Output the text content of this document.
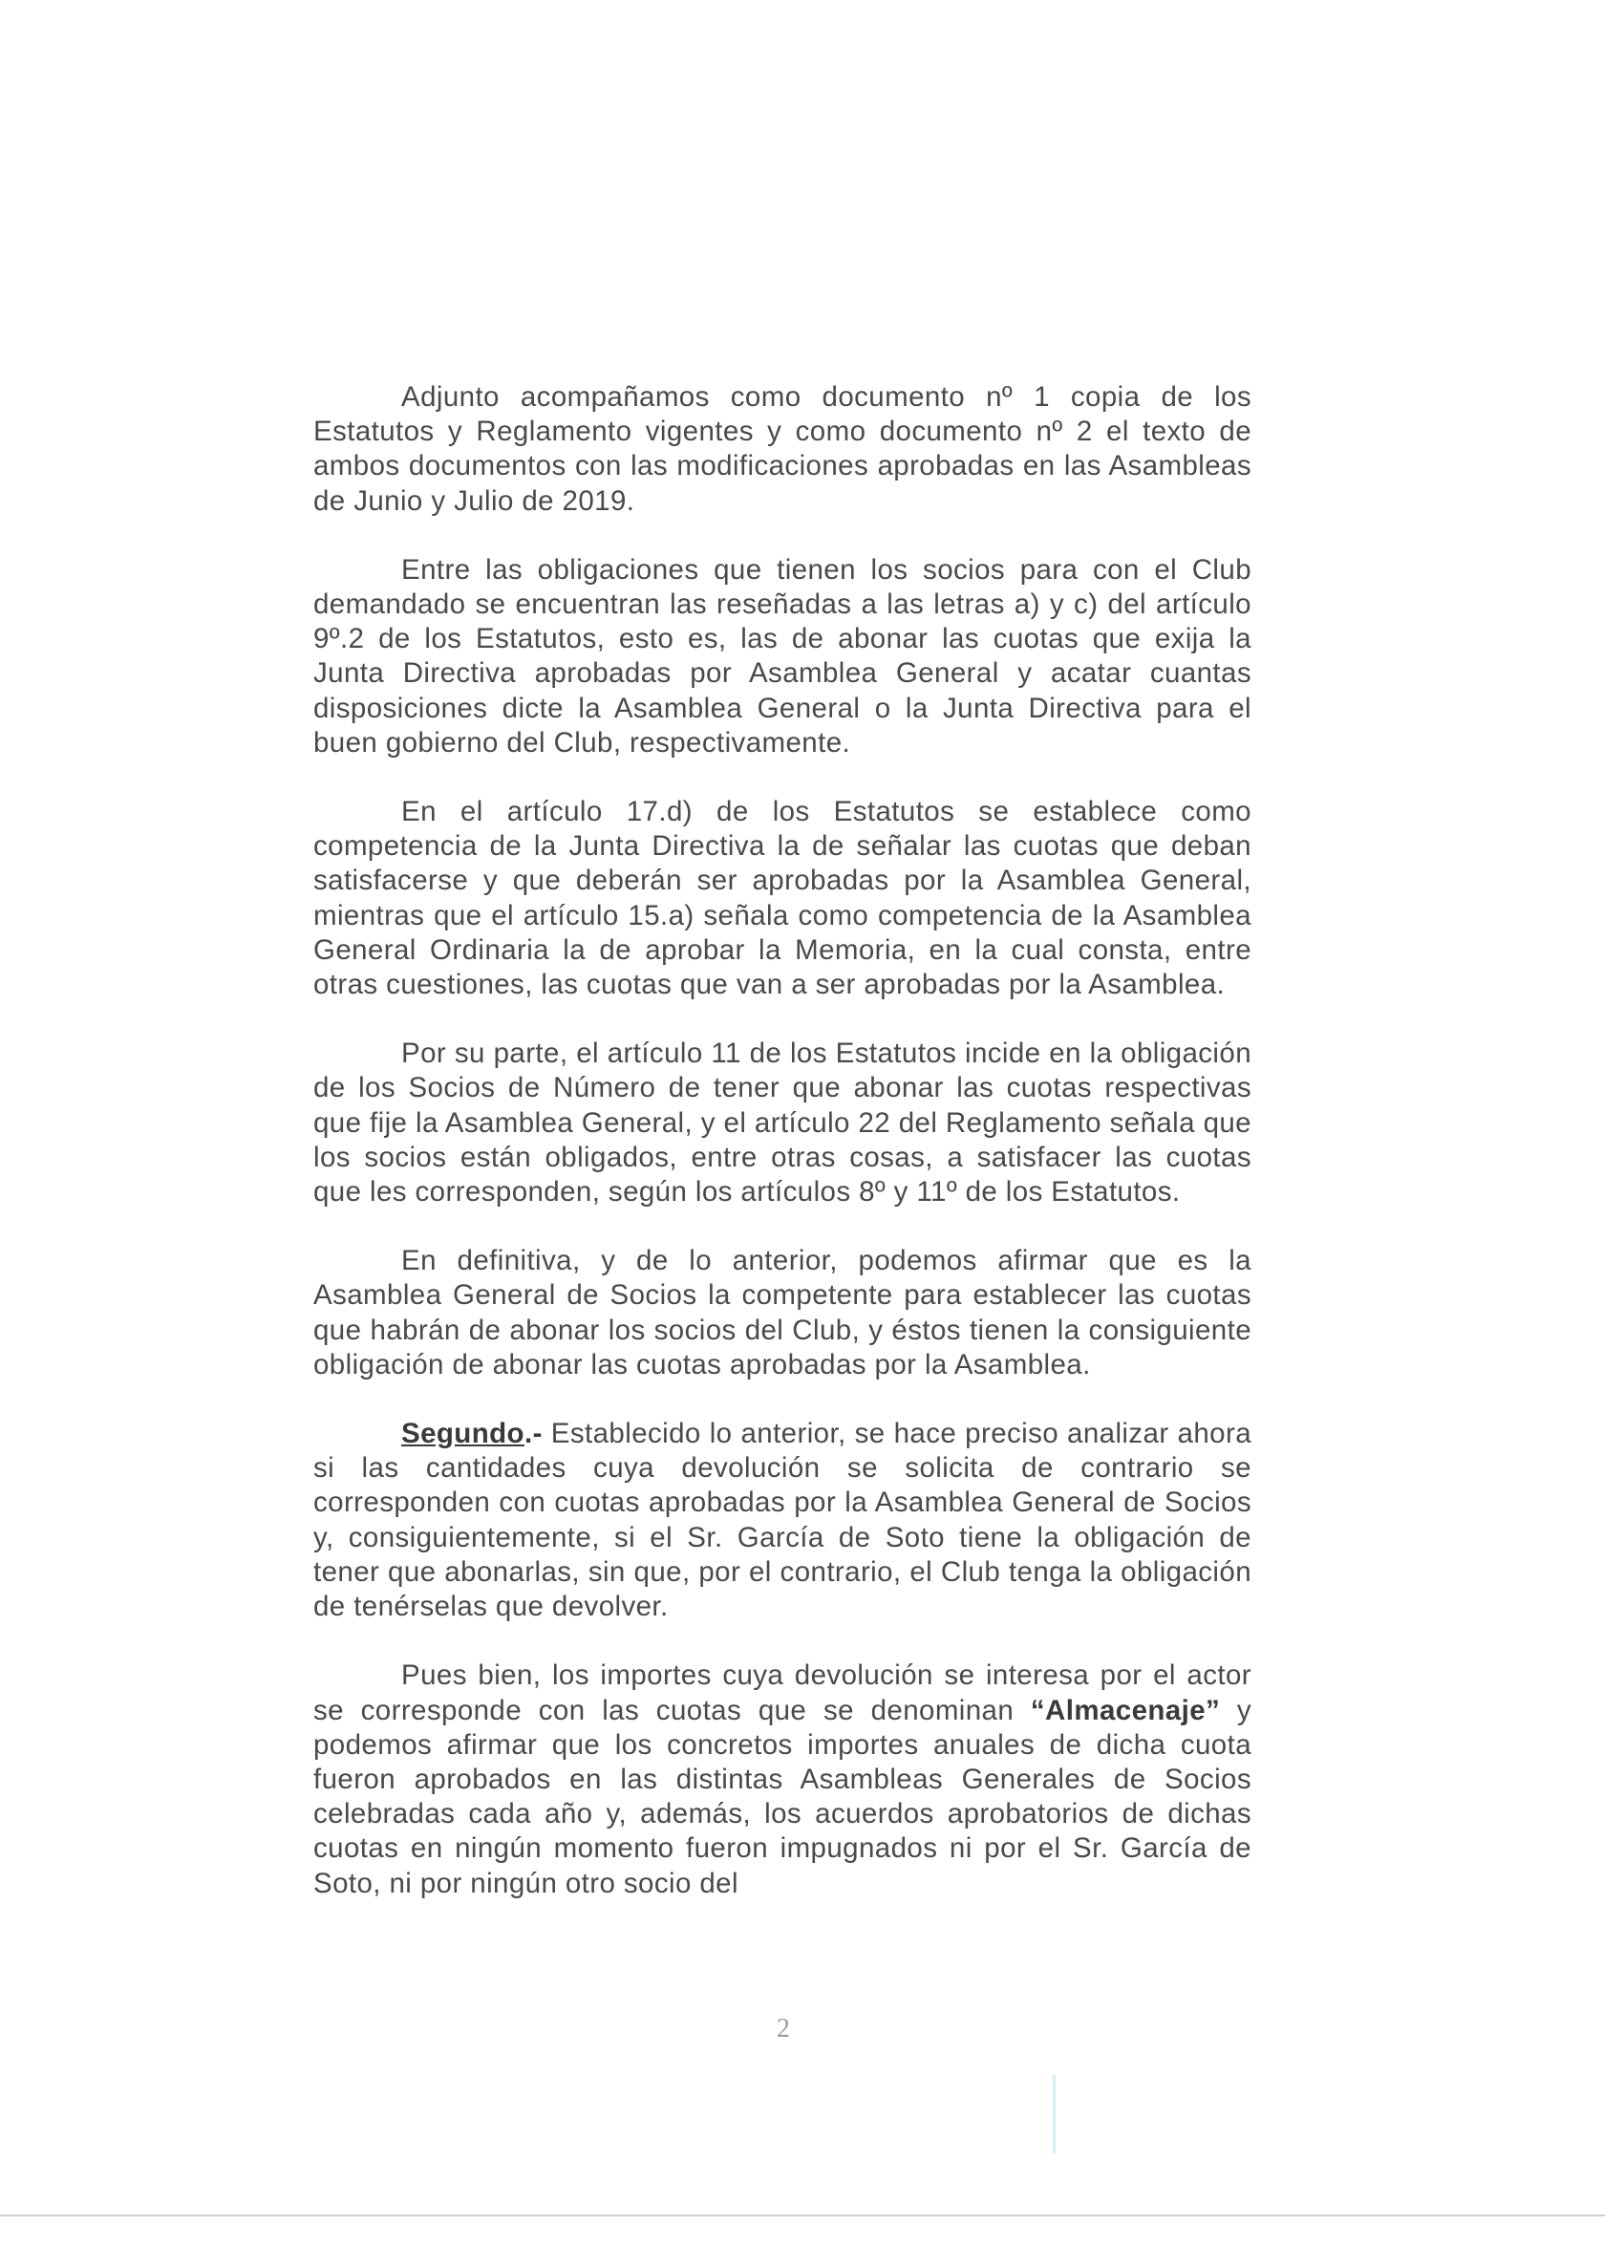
Adjunto acompañamos como documento nº 1 copia de los Estatutos y Reglamento vigentes y como documento nº 2 el texto de ambos documentos con las modificaciones aprobadas en las Asambleas de Junio y Julio de 2019.

Entre las obligaciones que tienen los socios para con el Club demandado se encuentran las reseñadas a las letras a) y c) del artículo 9º.2 de los Estatutos, esto es, las de abonar las cuotas que exija la Junta Directiva aprobadas por Asamblea General y acatar cuantas disposiciones dicte la Asamblea General o la Junta Directiva para el buen gobierno del Club, respectivamente.

En el artículo 17.d) de los Estatutos se establece como competencia de la Junta Directiva la de señalar las cuotas que deban satisfacerse y que deberán ser aprobadas por la Asamblea General, mientras que el artículo 15.a) señala como competencia de la Asamblea General Ordinaria la de aprobar la Memoria, en la cual consta, entre otras cuestiones, las cuotas que van a ser aprobadas por la Asamblea.

Por su parte, el artículo 11 de los Estatutos incide en la obligación de los Socios de Número de tener que abonar las cuotas respectivas que fije la Asamblea General, y el artículo 22 del Reglamento señala que los socios están obligados, entre otras cosas, a satisfacer las cuotas que les corresponden, según los artículos 8º y 11º de los Estatutos.

En definitiva, y de lo anterior, podemos afirmar que es la Asamblea General de Socios la competente para establecer las cuotas que habrán de abonar los socios del Club, y éstos tienen la consiguiente obligación de abonar las cuotas aprobadas por la Asamblea.

Segundo.- Establecido lo anterior, se hace preciso analizar ahora si las cantidades cuya devolución se solicita de contrario se corresponden con cuotas aprobadas por la Asamblea General de Socios y, consiguientemente, si el Sr. García de Soto tiene la obligación de tener que abonarlas, sin que, por el contrario, el Club tenga la obligación de tenérselas que devolver.

Pues bien, los importes cuya devolución se interesa por el actor se corresponde con las cuotas que se denominan “Almacenaje” y podemos afirmar que los concretos importes anuales de dicha cuota fueron aprobados en las distintas Asambleas Generales de Socios celebradas cada año y, además, los acuerdos aprobatorios de dichas cuotas en ningún momento fueron impugnados ni por el Sr. García de Soto, ni por ningún otro socio del

2
